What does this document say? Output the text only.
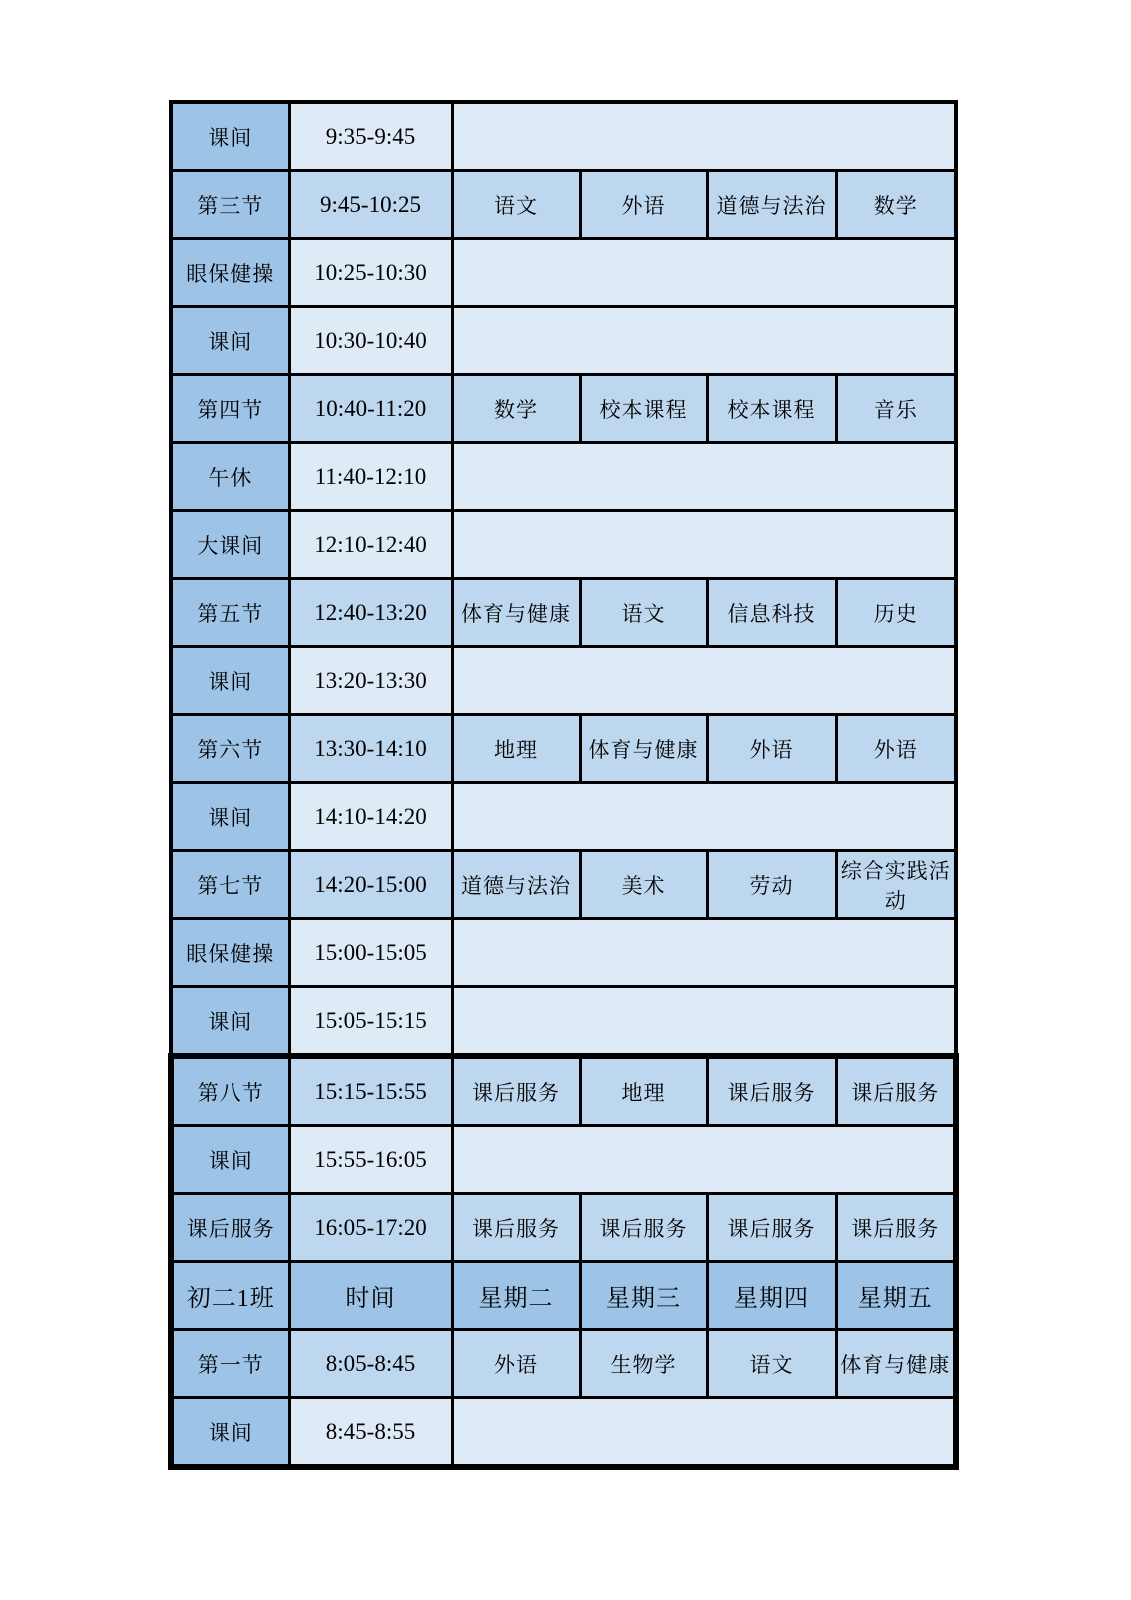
课间	9:35-9:45				
第三节	9:45-10:25	语文	外语	道德与法治	数学
眼保健操	10:25-10:30				
课间	10:30-10:40				
第四节	10:40-11:20	数学	校本课程	校本课程	音乐
午休	11:40-12:10				
大课间	12:10-12:40				
第五节	12:40-13:20	体育与健康	语文	信息科技	历史
课间	13:20-13:30				
第六节	13:30-14:10	地理	体育与健康	外语	外语
课间	14:10-14:20				
第七节	14:20-15:00	道德与法治	美术	劳动	综合实践活动
眼保健操	15:00-15:05				
课间	15:05-15:15				
第八节	15:15-15:55	课后服务	地理	课后服务	课后服务
课间	15:55-16:05				
课后服务	16:05-17:20	课后服务	课后服务	课后服务	课后服务
初二1班	时间	星期二	星期三	星期四	星期五
第一节	8:05-8:45	外语	生物学	语文	体育与健康
课间	8:45-8:55				
